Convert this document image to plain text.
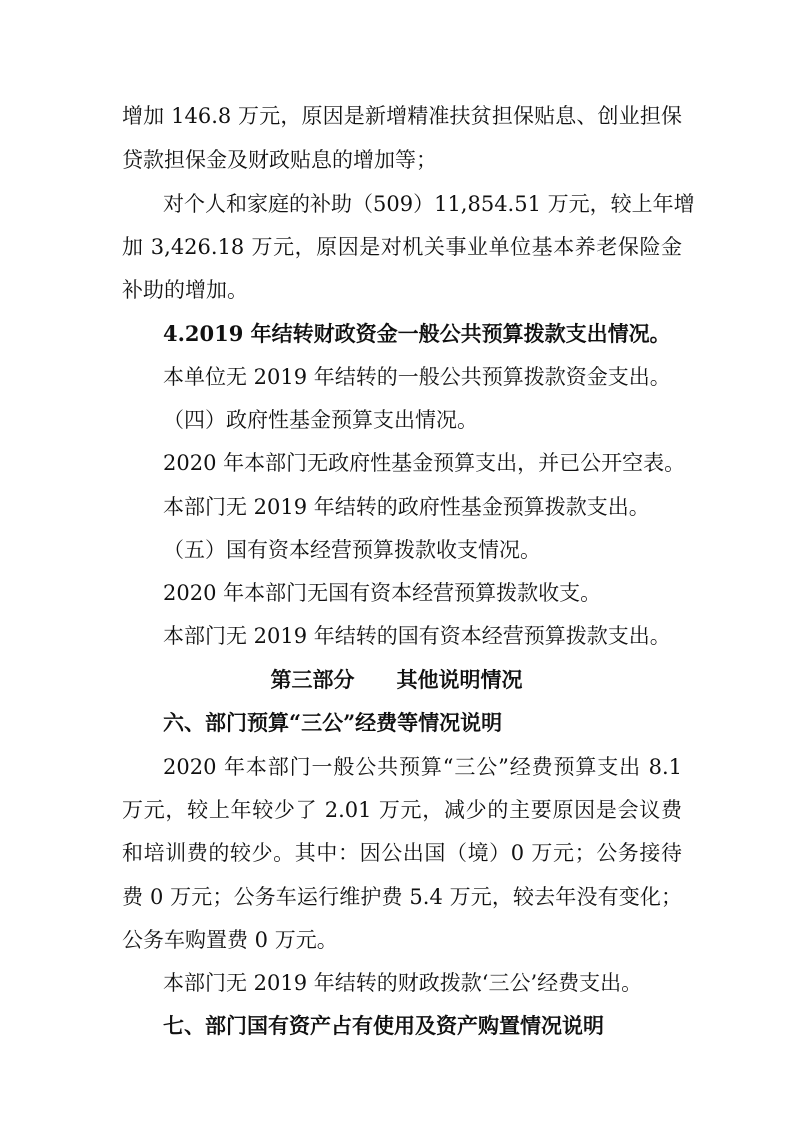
增加 146.8 万元，原因是新增精准扶贫担保贴息、创业担保
贷款担保金及财政贴息的增加等；
对个人和家庭的补助（509）11,854.51 万元，较上年增
加 3,426.18 万元，原因是对机关事业单位基本养老保险金
补助的增加。
4.2019 年结转财政资金一般公共预算拨款支出情况。
本单位无 2019 年结转的一般公共预算拨款资金支出。
（四）政府性基金预算支出情况。
2020 年本部门无政府性基金预算支出，并已公开空表。
本部门无 2019 年结转的政府性基金预算拨款支出。
（五）国有资本经营预算拨款收支情况。
2020 年本部门无国有资本经营预算拨款收支。
本部门无 2019 年结转的国有资本经营预算拨款支出。
第三部分　　其他说明情况
六、部门预算“三公”经费等情况说明
2020 年本部门一般公共预算“三公”经费预算支出 8.1
万元，较上年较少了 2.01 万元，减少的主要原因是会议费
和培训费的较少。其中：因公出国（境）0 万元；公务接待
费 0 万元；公务车运行维护费 5.4 万元，较去年没有变化；
公务车购置费 0 万元。
本部门无 2019 年结转的财政拨款‘三公’经费支出。
七、部门国有资产占有使用及资产购置情况说明
